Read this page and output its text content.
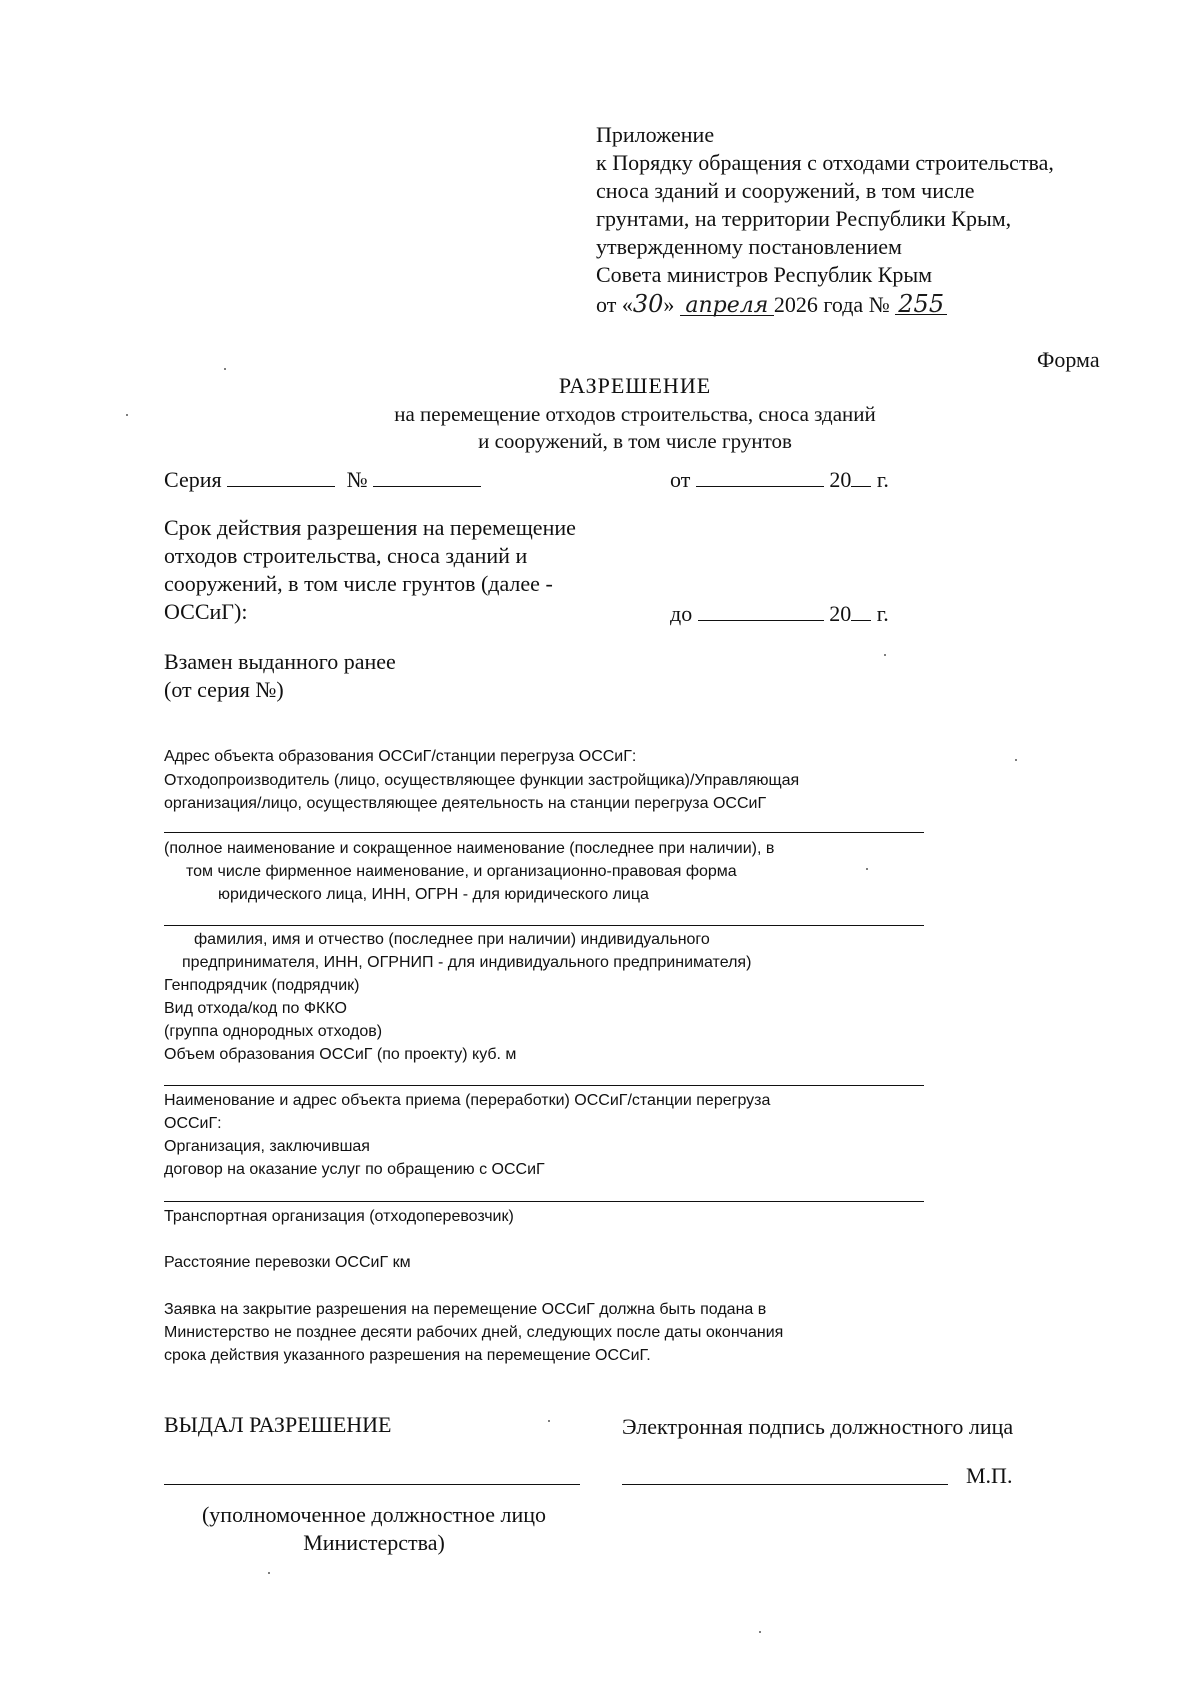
Приложение
к Порядку обращения с отходами строительства,
сноса зданий и сооружений, в том числе
грунтами, на территории Республики Крым,
утвержденному постановлением
Совета министров Республик Крым
от «30» апреля 2026 года № 255
Форма
РАЗРЕШЕНИЕ
на перемещение отходов строительства, сноса зданий
и сооружений, в том числе грунтов
Серия	№	от	20 г.
Срок действия разрешения на перемещение
отходов строительства, сноса зданий и
сооружений, в том числе грунтов (далее -
ОССиГ):	до	20 г.
Взамен выданного ранее
(от серия №)
Адрес объекта образования ОССиГ/станции перегруза ОССиГ:
Отходопроизводитель (лицо, осуществляющее функции застройщика)/Управляющая
организация/лицо, осуществляющее деятельность на станции перегруза ОССиГ
(полное наименование и сокращенное наименование (последнее при наличии), в
том числе фирменное наименование, и организационно-правовая форма
юридического лица, ИНН, ОГРН - для юридического лица
фамилия, имя и отчество (последнее при наличии) индивидуального
предпринимателя, ИНН, ОГРНИП - для индивидуального предпринимателя)
Генподрядчик (подрядчик)
Вид отхода/код по ФККО
(группа однородных отходов)
Объем образования ОССиГ (по проекту) куб. м
Наименование и адрес объекта приема (переработки) ОССиГ/станции перегруза
ОССиГ:
Организация, заключившая
договор на оказание услуг по обращению с ОССиГ
Транспортная организация (отходоперевозчик)
Расстояние перевозки ОССиГ км
Заявка на закрытие разрешения на перемещение ОССиГ должна быть подана в
Министерство не позднее десяти рабочих дней, следующих после даты окончания
срока действия указанного разрешения на перемещение ОССиГ.
ВЫДАЛ РАЗРЕШЕНИЕ	Электронная подпись должностного лица
М.П.
(уполномоченное должностное лицо
Министерства)
